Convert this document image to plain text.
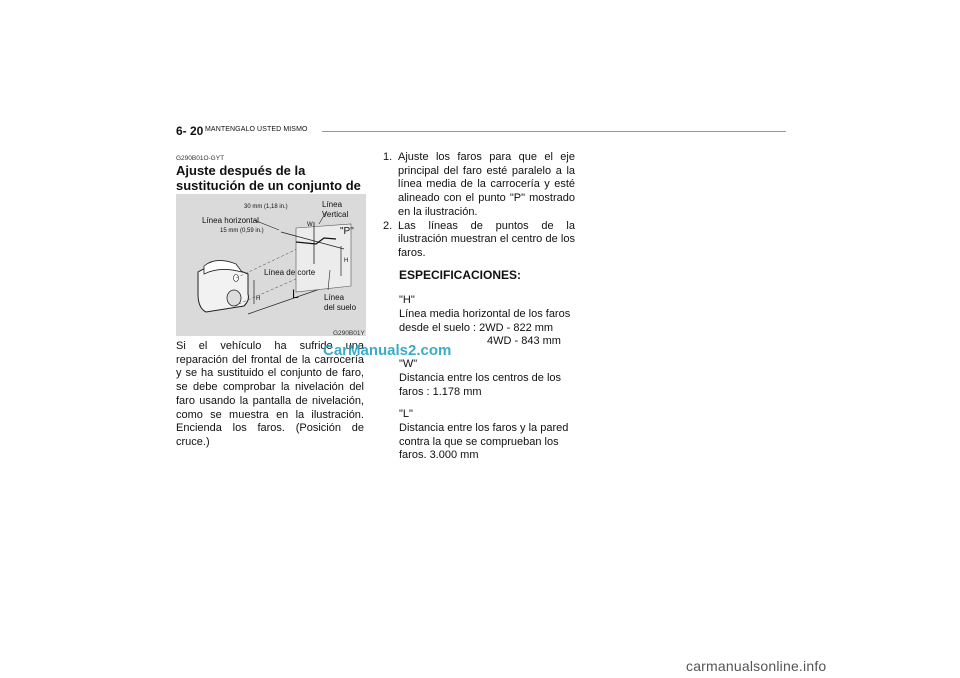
6- 20 MANTENGALO USTED MISMO
G290B01O-GYT
Ajuste después de la sustitución de un conjunto de
30 mm (1,18 in.)
Línea horizontal
15 mm (0,59 in.)
Línea
Vertical
W
"P"
H
Línea de corte
H	L	Línea
del suelo
G290B01Y
Si el vehículo ha sufrido una reparación del frontal de la carrocería y se ha sustituido el conjunto de faro, se debe comprobar la nivelación del faro usando la pantalla de nivelación, como se muestra en la ilustración. Encienda los faros. (Posición de cruce.)
CarManuals2.com
1. Ajuste los faros para que el eje principal del faro esté paralelo a la línea media de la carrocería y esté alineado con el punto "P" mostrado en la ilustración.
2. Las líneas de puntos de la ilustración muestran el centro de los faros.
ESPECIFICACIONES:
"H"
Línea media horizontal de los faros desde el suelo : 2WD - 822 mm
4WD - 843 mm
"W"
Distancia entre los centros de los faros : 1.178 mm
"L"
Distancia entre los faros y la pared contra la que se comprueban los faros. 3.000 mm
carmanualsonline.info
